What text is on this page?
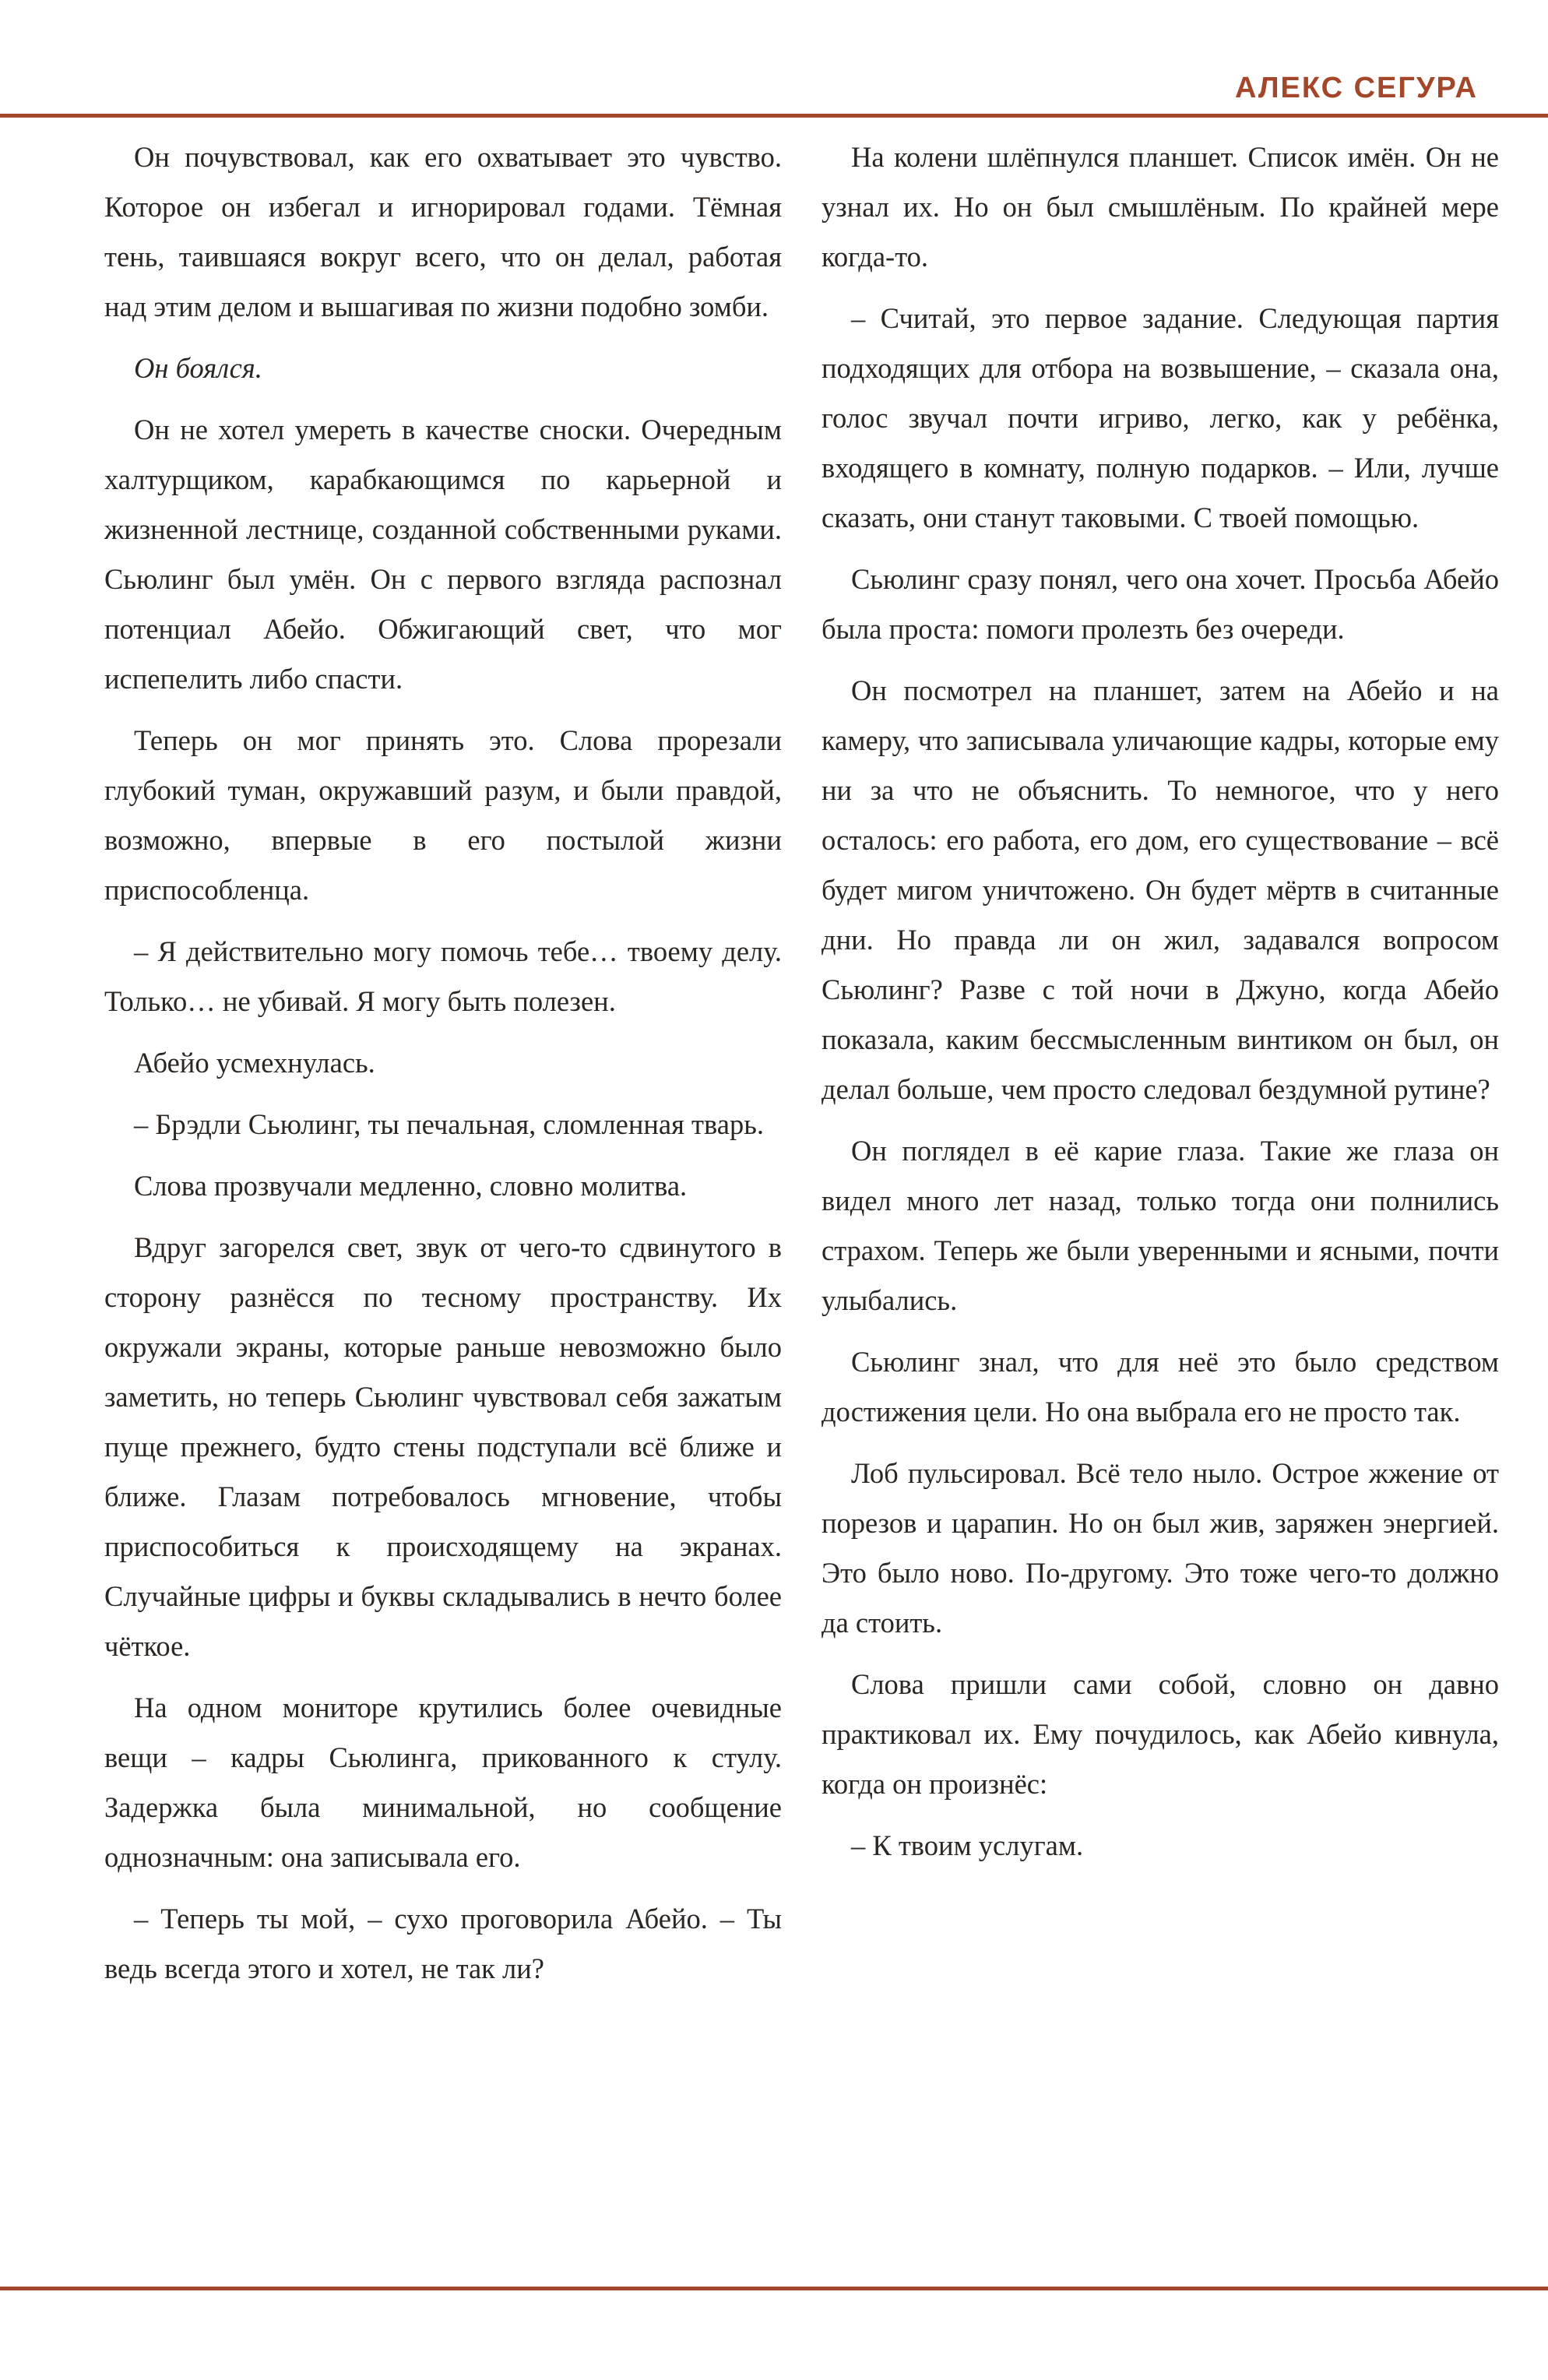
АЛЕКС СЕГУРА

Он почувствовал, как его охватывает это чувство. Которое он избегал и игнорировал годами. Тёмная тень, таившаяся вокруг всего, что он делал, работая над этим делом и вышагивая по жизни подобно зомби.

Он боялся.

Он не хотел умереть в качестве сноски. Очередным халтурщиком, карабкающимся по карьерной и жизненной лестнице, созданной собственными руками. Сьюлинг был умён. Он с первого взгляда распознал потенциал Абейо. Обжигающий свет, что мог испепелить либо спасти.

Теперь он мог принять это. Слова прорезали глубокий туман, окружавший разум, и были правдой, возможно, впервые в его постылой жизни приспособленца.

– Я действительно могу помочь тебе… твоему делу. Только… не убивай. Я могу быть полезен.

Абейо усмехнулась.

– Брэдли Сьюлинг, ты печальная, сломленная тварь.

Слова прозвучали медленно, словно молитва.

Вдруг загорелся свет, звук от чего-то сдвинутого в сторону разнёсся по тесному пространству. Их окружали экраны, которые раньше невозможно было заметить, но теперь Сьюлинг чувствовал себя зажатым пуще прежнего, будто стены подступали всё ближе и ближе. Глазам потребовалось мгновение, чтобы приспособиться к происходящему на экранах. Случайные цифры и буквы складывались в нечто более чёткое.

На одном мониторе крутились более очевидные вещи – кадры Сьюлинга, прикованного к стулу. Задержка была минимальной, но сообщение однозначным: она записывала его.

– Теперь ты мой, – сухо проговорила Абейо. – Ты ведь всегда этого и хотел, не так ли?

На колени шлёпнулся планшет. Список имён. Он не узнал их. Но он был смышлёным. По крайней мере когда-то.

– Считай, это первое задание. Следующая партия подходящих для отбора на возвышение, – сказала она, голос звучал почти игриво, легко, как у ребёнка, входящего в комнату, полную подарков. – Или, лучше сказать, они станут таковыми. С твоей помощью.

Сьюлинг сразу понял, чего она хочет. Просьба Абейо была проста: помоги пролезть без очереди.

Он посмотрел на планшет, затем на Абейо и на камеру, что записывала уличающие кадры, которые ему ни за что не объяснить. То немногое, что у него осталось: его работа, его дом, его существование – всё будет мигом уничтожено. Он будет мёртв в считанные дни. Но правда ли он жил, задавался вопросом Сьюлинг? Разве с той ночи в Джуно, когда Абейо показала, каким бессмысленным винтиком он был, он делал больше, чем просто следовал бездумной рутине?

Он поглядел в её карие глаза. Такие же глаза он видел много лет назад, только тогда они полнились страхом. Теперь же были уверенными и ясными, почти улыбались.

Сьюлинг знал, что для неё это было средством достижения цели. Но она выбрала его не просто так.

Лоб пульсировал. Всё тело ныло. Острое жжение от порезов и царапин. Но он был жив, заряжен энергией. Это было ново. По-другому. Это тоже чего-то должно да стоить.

Слова пришли сами собой, словно он давно практиковал их. Ему почудилось, как Абейо кивнула, когда он произнёс:

– К твоим услугам.
